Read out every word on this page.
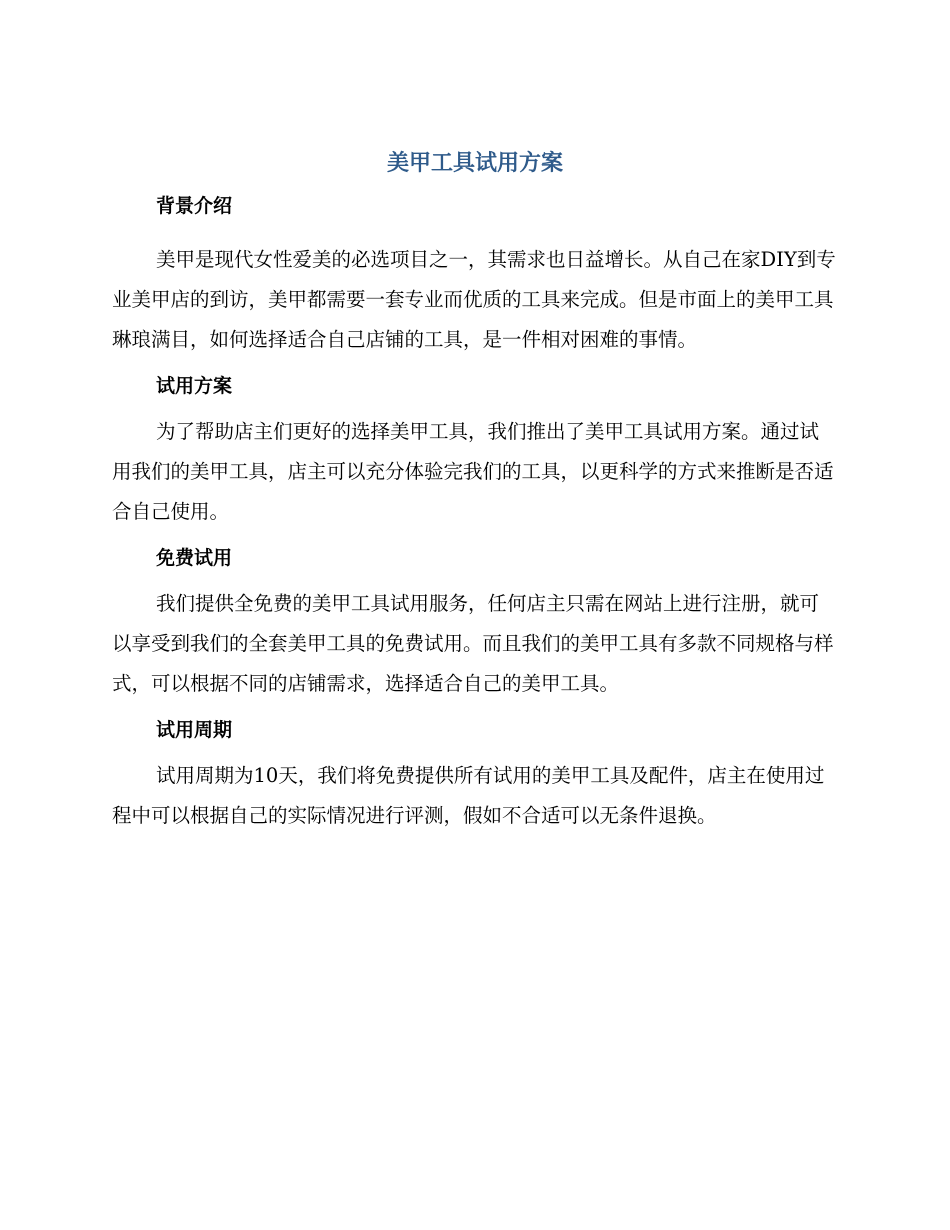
美甲工具试用方案
背景介绍

美甲是现代女性爱美的必选项目之一，其需求也日益增长。从自己在家DIY到专业美甲店的到访，美甲都需要一套专业而优质的工具来完成。但是市面上的美甲工具琳琅满目，如何选择适合自己店铺的工具，是一件相对困难的事情。

试用方案

为了帮助店主们更好的选择美甲工具，我们推出了美甲工具试用方案。通过试用我们的美甲工具，店主可以充分体验完我们的工具，以更科学的方式来推断是否适合自己使用。

免费试用

我们提供全免费的美甲工具试用服务，任何店主只需在网站上进行注册，就可以享受到我们的全套美甲工具的免费试用。而且我们的美甲工具有多款不同规格与样式，可以根据不同的店铺需求，选择适合自己的美甲工具。

试用周期

试用周期为10天，我们将免费提供所有试用的美甲工具及配件，店主在使用过程中可以根据自己的实际情况进行评测，假如不合适可以无条件退换。
